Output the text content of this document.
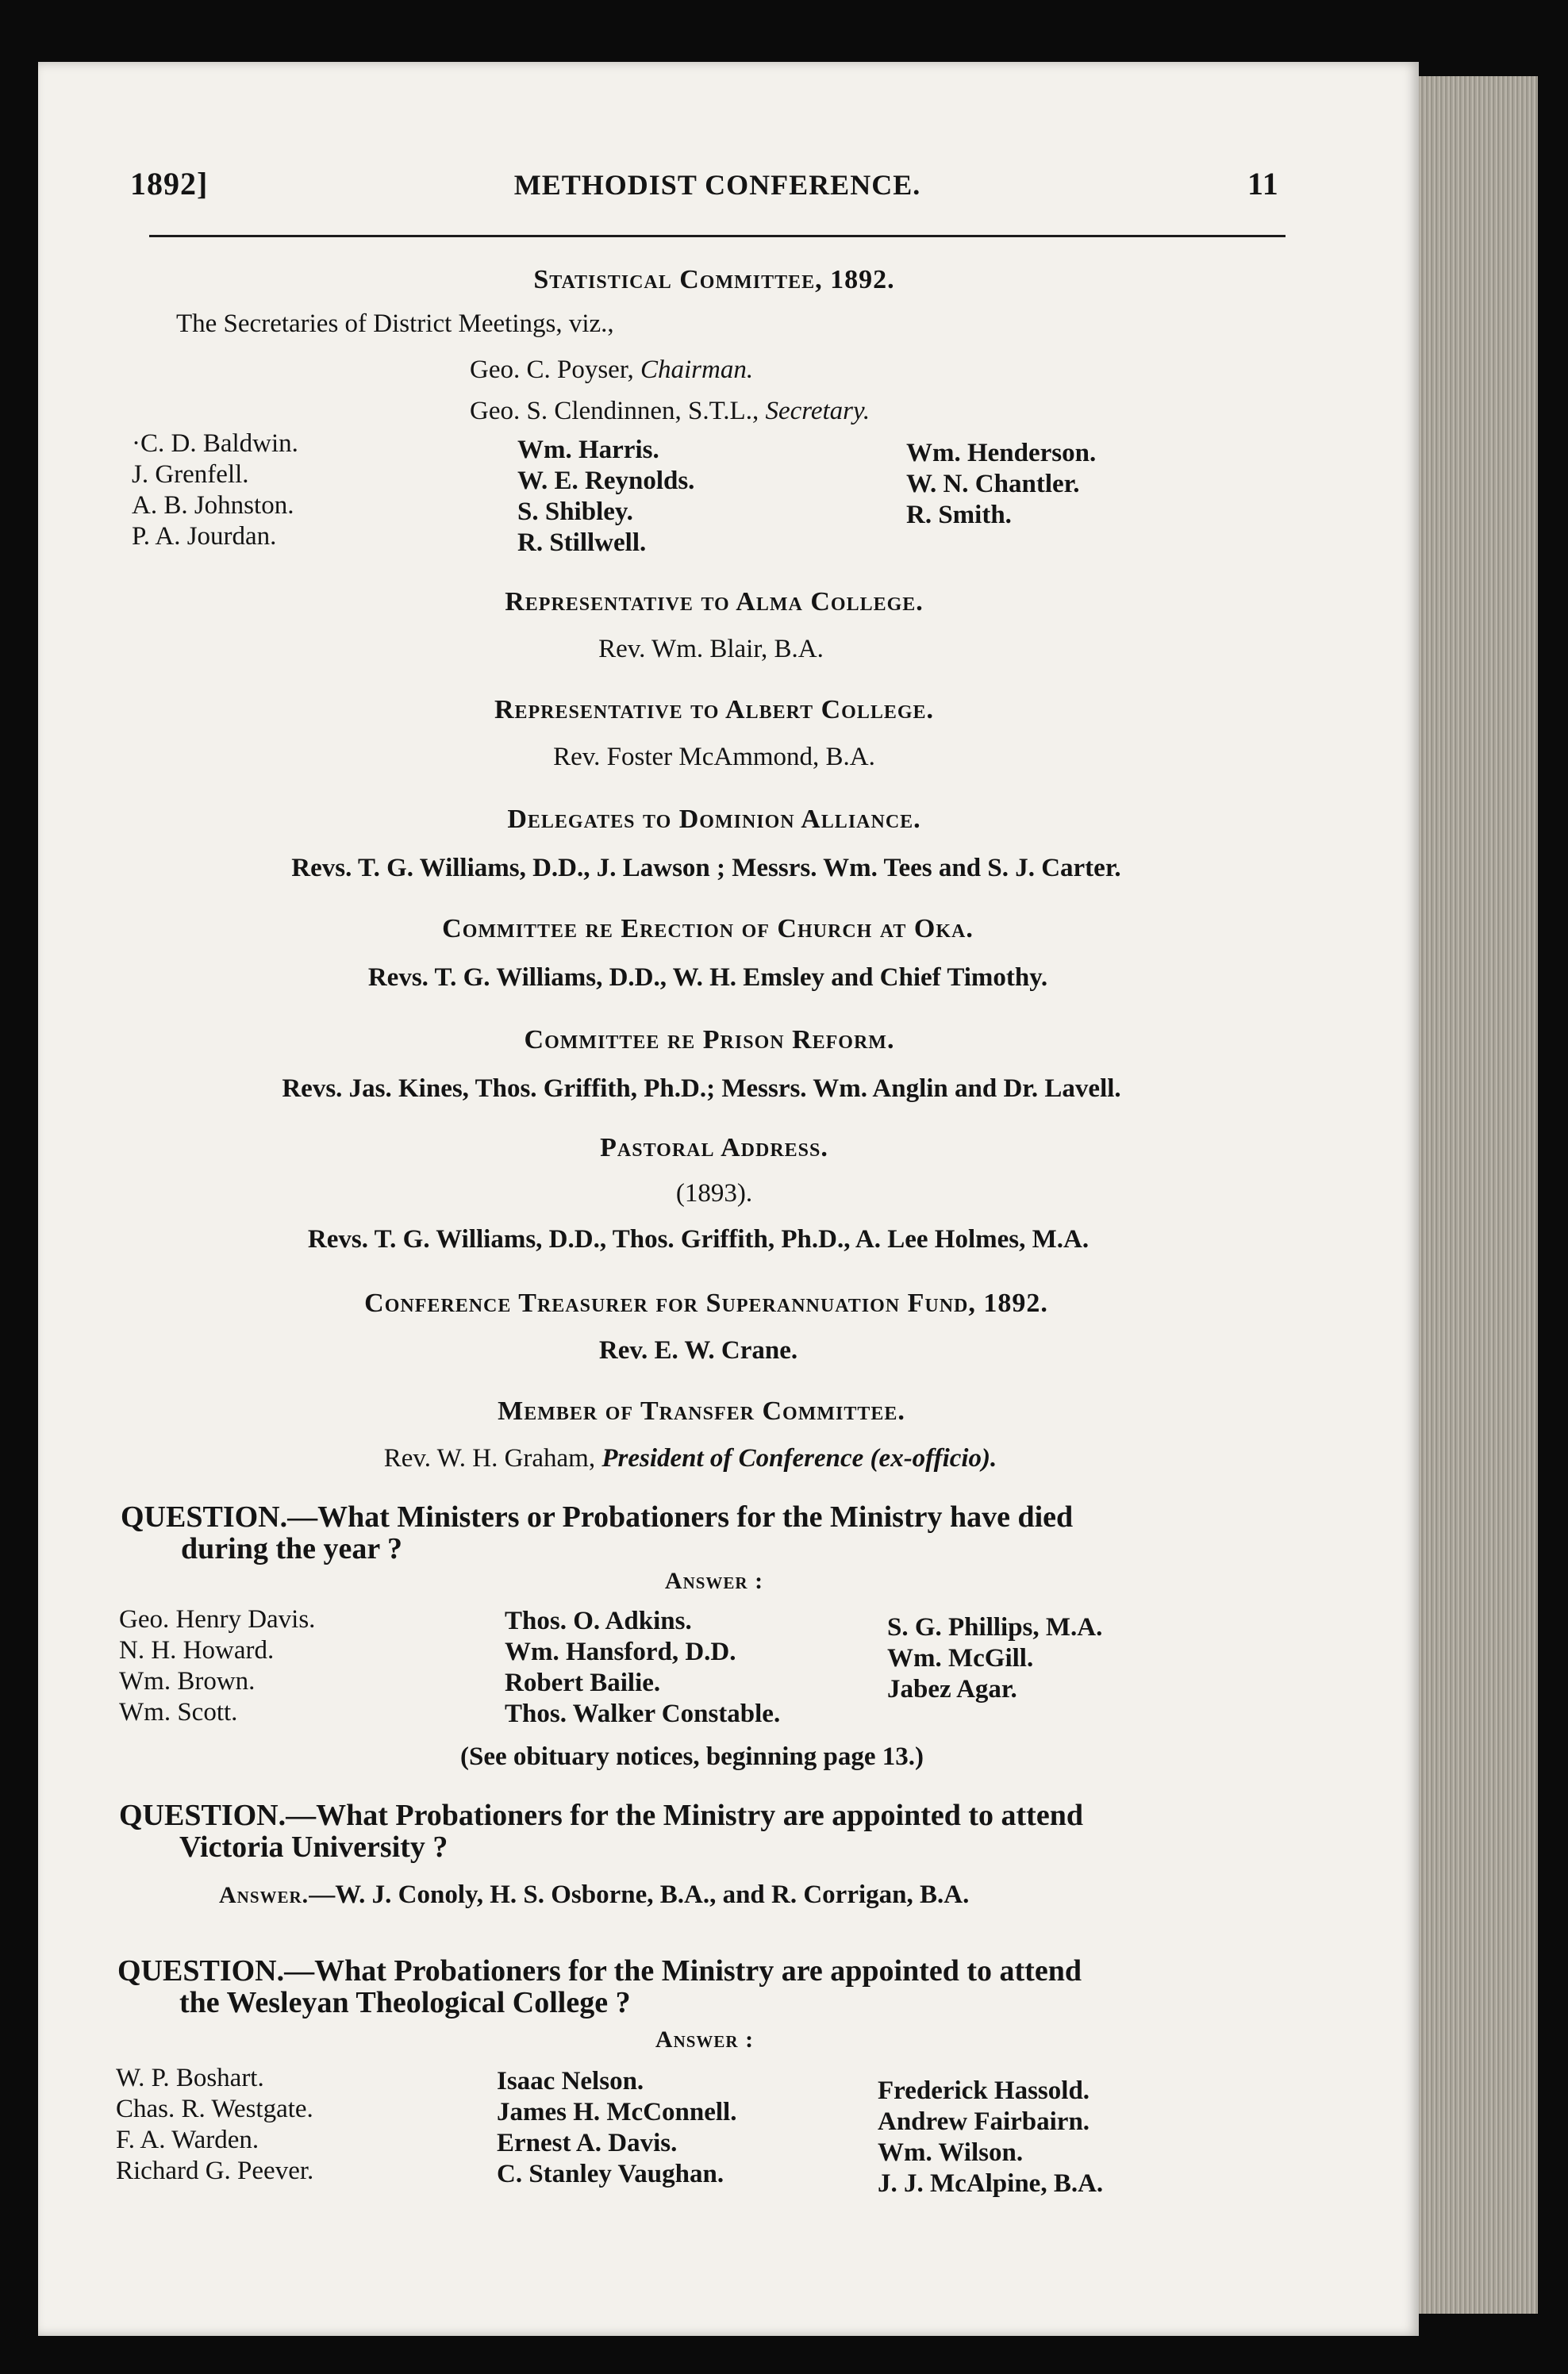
1892]	METHODIST CONFERENCE.	11
Statistical Committee, 1892.
The Secretaries of District Meetings, viz.,
Geo. C. Poyser, Chairman.
Geo. S. Clendinnen, S.T.L., Secretary.
·C. D. Baldwin.
J. Grenfell.
A. B. Johnston.
P. A. Jourdan.
Wm. Harris.
W. E. Reynolds.
S. Shibley.
R. Stillwell.
Wm. Henderson.
W. N. Chantler.
R. Smith.
Representative to Alma College.
Rev. Wm. Blair, B.A.
Representative to Albert College.
Rev. Foster McAmmond, B.A.
Delegates to Dominion Alliance.
Revs. T. G. Williams, D.D., J. Lawson ; Messrs. Wm. Tees and S. J. Carter.
Committee re Erection of Church at Oka.
Revs. T. G. Williams, D.D., W. H. Emsley and Chief Timothy.
Committee re Prison Reform.
Revs. Jas. Kines, Thos. Griffith, Ph.D.; Messrs. Wm. Anglin and Dr. Lavell.
Pastoral Address.
(1893).
Revs. T. G. Williams, D.D., Thos. Griffith, Ph.D., A. Lee Holmes, M.A.
Conference Treasurer for Superannuation Fund, 1892.
Rev. E. W. Crane.
Member of Transfer Committee.
Rev. W. H. Graham, President of Conference (ex-officio).
QUESTION.—What Ministers or Probationers for the Ministry have died
during the year ?
Answer :
Geo. Henry Davis.
N. H. Howard.
Wm. Brown.
Wm. Scott.
Thos. O. Adkins.
Wm. Hansford, D.D.
Robert Bailie.
Thos. Walker Constable.
S. G. Phillips, M.A.
Wm. McGill.
Jabez Agar.
(See obituary notices, beginning page 13.)
QUESTION.—What Probationers for the Ministry are appointed to attend
Victoria University ?
Answer.—W. J. Conoly, H. S. Osborne, B.A., and R. Corrigan, B.A.
QUESTION.—What Probationers for the Ministry are appointed to attend
the Wesleyan Theological College ?
Answer :
W. P. Boshart.
Chas. R. Westgate.
F. A. Warden.
Richard G. Peever.
Isaac Nelson.
James H. McConnell.
Ernest A. Davis.
C. Stanley Vaughan.
Frederick Hassold.
Andrew Fairbairn.
Wm. Wilson.
J. J. McAlpine, B.A.
